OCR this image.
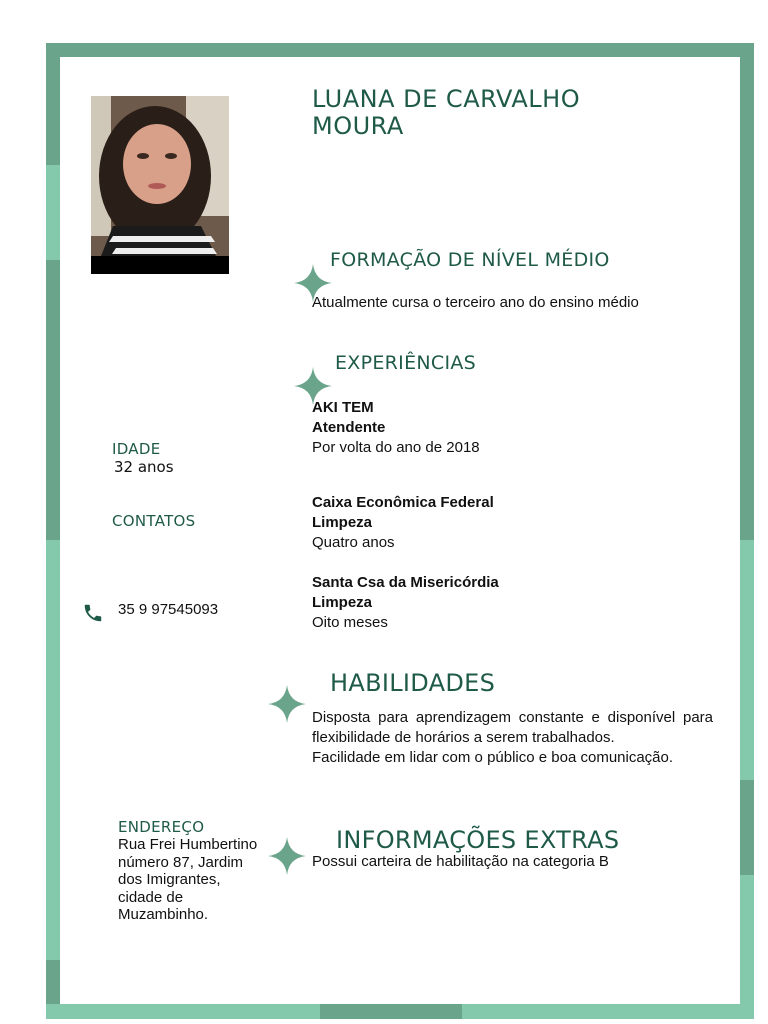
LUANA DE CARVALHO
MOURA
FORMAÇÃO DE NÍVEL MÉDIO
Atualmente cursa o terceiro ano do ensino médio
EXPERIÊNCIAS
AKI TEM
Atendente
Por volta do ano de 2018
Caixa Econômica Federal
Limpeza
Quatro anos
Santa Csa da Misericórdia
Limpeza
Oito meses
HABILIDADES
Disposta para aprendizagem constante e disponível para flexibilidade de horários a serem trabalhados.
Facilidade em lidar com o público e boa comunicação.
INFORMAÇÕES EXTRAS
Possui carteira de habilitação na categoria B
IDADE
32 anos
CONTATOS
35 9 97545093
ENDEREÇO
Rua Frei Humbertino
número 87, Jardim
dos Imigrantes,
cidade de
Muzambinho.
